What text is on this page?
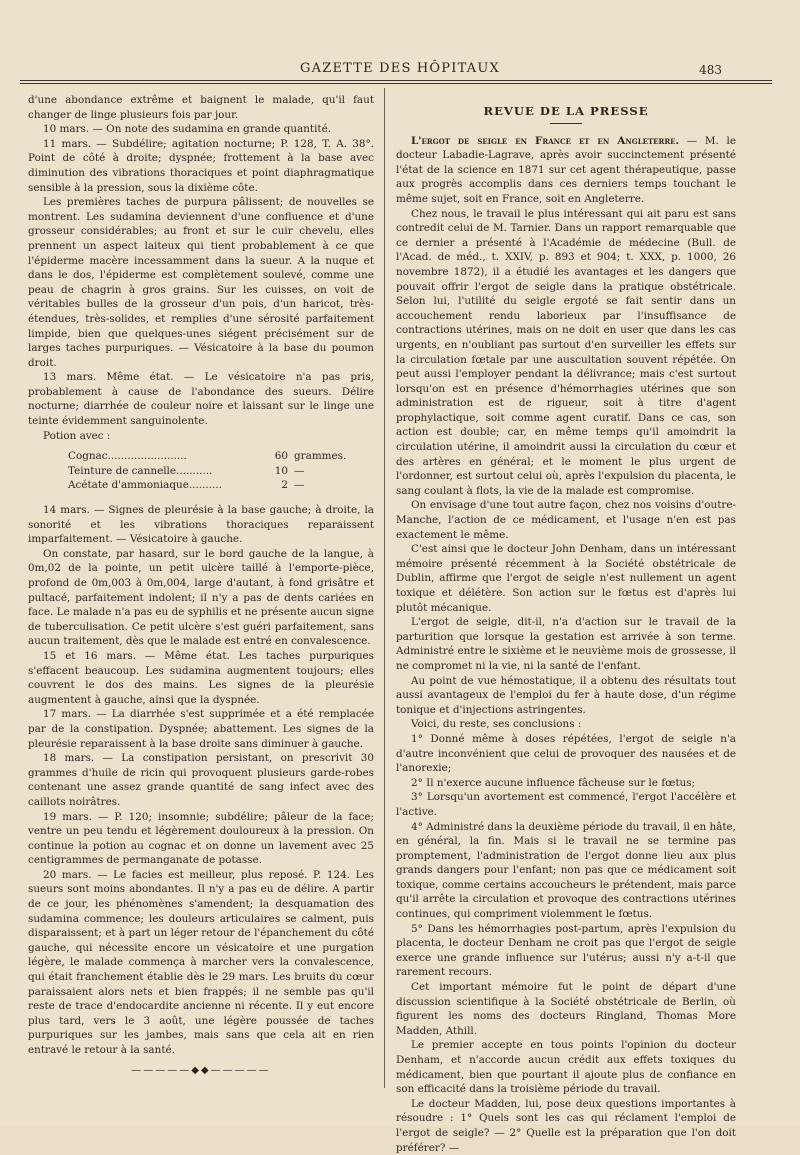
GAZETTE DES HÔPITAUX	483

d'une abondance extrême et baignent le malade, qu'il faut changer de linge plusieurs fois par jour.

10 mars. — On note des sudamina en grande quantité.

11 mars. — Subdélire; agitation nocturne; P. 128, T. A. 38°. Point de côté à droite; dyspnée; frottement à la base avec diminution des vibrations thoraciques et point diaphragmatique sensible à la pression, sous la dixième côte.

Les premières taches de purpura pâlissent; de nouvelles se montrent. Les sudamina deviennent d'une confluence et d'une grosseur considérables; au front et sur le cuir chevelu, elles prennent un aspect laiteux qui tient probablement à ce que l'épiderme macère incessamment dans la sueur. A la nuque et dans le dos, l'épiderme est complètement soulevé, comme une peau de chagrin à gros grains. Sur les cuisses, on voit de véritables bulles de la grosseur d'un pois, d'un haricot, très-étendues, très-solides, et remplies d'une sérosité parfaitement limpide, bien que quelques-unes siégent précisément sur de larges taches purpuriques. — Vésicatoire à la base du poumon droit.

13 mars. Même état. — Le vésicatoire n'a pas pris, probablement à cause de l'abondance des sueurs. Délire nocturne; diarrhée de couleur noire et laissant sur le linge une teinte évidemment sanguinolente.

Potion avec :

Cognac........................	60 grammes.
Teinture de cannelle...........	10 —
Acétate d'ammoniaque..........	2 —

14 mars. — Signes de pleurésie à la base gauche; à droite, la sonorité et les vibrations thoraciques reparaissent imparfaitement. — Vésicatoire à gauche.

On constate, par hasard, sur le bord gauche de la langue, à 0m,02 de la pointe, un petit ulcère taillé à l'emporte-pièce, profond de 0m,003 à 0m,004, large d'autant, à fond grisâtre et pultacé, parfaitement indolent; il n'y a pas de dents cariées en face. Le malade n'a pas eu de syphilis et ne présente aucun signe de tuberculisation. Ce petit ulcère s'est guéri parfaitement, sans aucun traitement, dès que le malade est entré en convalescence.

15 et 16 mars. — Même état. Les taches purpuriques s'effacent beaucoup. Les sudamina augmentent toujours; elles couvrent le dos des mains. Les signes de la pleurésie augmentent à gauche, ainsi que la dyspnée.

17 mars. — La diarrhée s'est supprimée et a été remplacée par de la constipation. Dyspnée; abattement. Les signes de la pleurésie reparaissent à la base droite sans diminuer à gauche.

18 mars. — La constipation persistant, on prescrivit 30 grammes d'huile de ricin qui provoquent plusieurs garde-robes contenant une assez grande quantité de sang infect avec des caillots noirâtres.

19 mars. — P. 120; insomnie; subdélire; pâleur de la face; ventre un peu tendu et légèrement douloureux à la pression. On continue la potion au cognac et on donne un lavement avec 25 centigrammes de permanganate de potasse.

20 mars. — Le facies est meilleur, plus reposé. P. 124. Les sueurs sont moins abondantes. Il n'y a pas eu de délire. A partir de ce jour, les phénomènes s'amendent; la desquamation des sudamina commence; les douleurs articulaires se calment, puis disparaissent; et à part un léger retour de l'épanchement du côté gauche, qui nécessite encore un vésicatoire et une purgation légère, le malade commença à marcher vers la convalescence, qui était franchement établie dès le 29 mars. Les bruits du cœur paraissaient alors nets et bien frappés; il ne semble pas qu'il reste de trace d'endocardite ancienne ni récente. Il y eut encore plus tard, vers le 3 août, une légère poussée de taches purpuriques sur les jambes, mais sans que cela ait en rien entravé le retour à la santé.

—————◆◆—————
REVUE DE LA PRESSE

L'ergot de seigle en France et en Angleterre. — M. le docteur Labadie-Lagrave, après avoir succinctement présenté l'état de la science en 1871 sur cet agent thérapeutique, passe aux progrès accomplis dans ces derniers temps touchant le même sujet, soit en France, soit en Angleterre.

Chez nous, le travail le plus intéressant qui ait paru est sans contredit celui de M. Tarnier. Dans un rapport remarquable que ce dernier a présenté à l'Académie de médecine (Bull. de l'Acad. de méd., t. XXIV, p. 893 et 904; t. XXX, p. 1000, 26 novembre 1872), il a étudié les avantages et les dangers que pouvait offrir l'ergot de seigle dans la pratique obstétricale. Selon lui, l'utilité du seigle ergoté se fait sentir dans un accouchement rendu laborieux par l'insuffisance de contractions utérines, mais on ne doit en user que dans les cas urgents, en n'oubliant pas surtout d'en surveiller les effets sur la circulation fœtale par une auscultation souvent répétée. On peut aussi l'employer pendant la délivrance; mais c'est surtout lorsqu'on est en présence d'hémorrhagies utérines que son administration est de rigueur, soit à titre d'agent prophylactique, soit comme agent curatif. Dans ce cas, son action est double; car, en même temps qu'il amoindrit la circulation utérine, il amoindrit aussi la circulation du cœur et des artères en général; et le moment le plus urgent de l'ordonner, est surtout celui où, après l'expulsion du placenta, le sang coulant à flots, la vie de la malade est compromise.

On envisage d'une tout autre façon, chez nos voisins d'outre-Manche, l'action de ce médicament, et l'usage n'en est pas exactement le même.

C'est ainsi que le docteur John Denham, dans un intéressant mémoire présenté récemment à la Société obstétricale de Dublin, affirme que l'ergot de seigle n'est nullement un agent toxique et délétère. Son action sur le fœtus est d'après lui plutôt mécanique.

L'ergot de seigle, dit-il, n'a d'action sur le travail de la parturition que lorsque la gestation est arrivée à son terme. Administré entre le sixième et le neuvième mois de grossesse, il ne compromet ni la vie, ni la santé de l'enfant.

Au point de vue hémostatique, il a obtenu des résultats tout aussi avantageux de l'emploi du fer à haute dose, d'un régime tonique et d'injections astringentes.

Voici, du reste, ses conclusions :

1° Donné même à doses répétées, l'ergot de seigle n'a d'autre inconvénient que celui de provoquer des nausées et de l'anorexie;

2° Il n'exerce aucune influence fâcheuse sur le fœtus;

3° Lorsqu'un avortement est commencé, l'ergot l'accélère et l'active.

4° Administré dans la deuxième période du travail, il en hâte, en général, la fin. Mais si le travail ne se termine pas promptement, l'administration de l'ergot donne lieu aux plus grands dangers pour l'enfant; non pas que ce médicament soit toxique, comme certains accoucheurs le prétendent, mais parce qu'il arrête la circulation et provoque des contractions utérines continues, qui compriment violemment le fœtus.

5° Dans les hémorrhagies post-partum, après l'expulsion du placenta, le docteur Denham ne croit pas que l'ergot de seigle exerce une grande influence sur l'utérus; aussi n'y a-t-il que rarement recours.

Cet important mémoire fut le point de départ d'une discussion scientifique à la Société obstétricale de Berlin, où figurent les noms des docteurs Ringland, Thomas More Madden, Athill.

Le premier accepte en tous points l'opinion du docteur Denham, et n'accorde aucun crédit aux effets toxiques du médicament, bien que pourtant il ajoute plus de confiance en son efficacité dans la troisième période du travail.

Le docteur Madden, lui, pose deux questions importantes à résoudre : 1° Quels sont les cas qui réclament l'emploi de l'ergot de seigle? — 2° Quelle est la préparation que l'on doit préférer? —
